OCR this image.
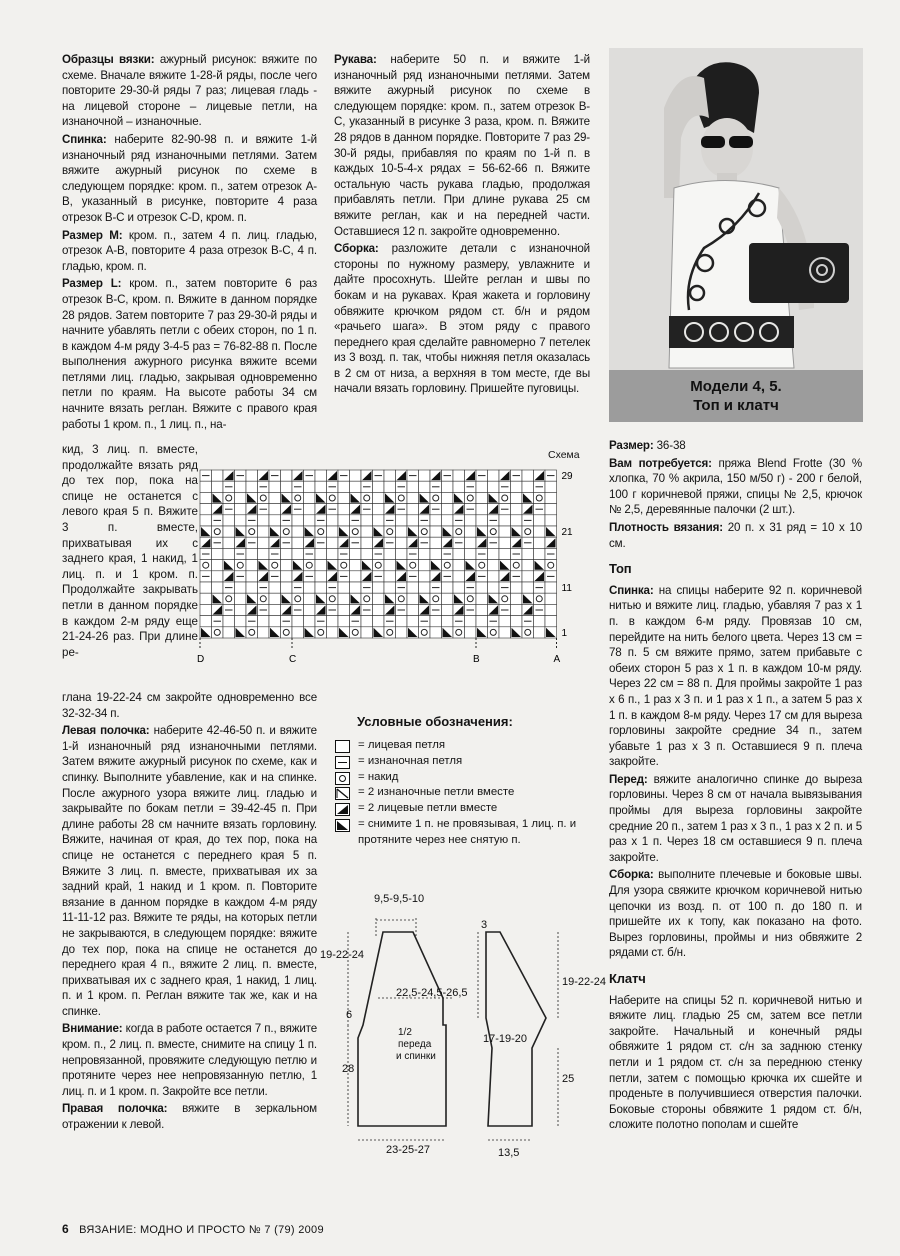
Образцы вязки: ажурный рисунок: вяжите по схеме. Вначале вяжите 1-28-й ряды, после чего повторите 29-30-й ряды 7 раз; лицевая гладь - на лицевой стороне – лицевые петли, на изнаночной – изнаночные.

Спинка: наберите 82-90-98 п. и вяжите 1-й изнаночный ряд изнаночными петлями. Затем вяжите ажурный рисунок по схеме в следующем порядке: кром. п., затем отрезок A-B, указанный в рисунке, повторите 4 раза отрезок B-C и отрезок C-D, кром. п.

Размер M: кром. п., затем 4 п. лиц. гладью, отрезок A-B, повторите 4 раза отрезок B-C, 4 п. гладью, кром. п.

Размер L: кром. п., затем повторите 6 раз отрезок B-C, кром. п. Вяжите в данном порядке 28 рядов. Затем повторите 7 раз 29-30-й ряды и начните убавлять петли с обеих сторон, по 1 п. в каждом 4-м ряду 3-4-5 раз = 76-82-88 п. После выполнения ажурного рисунка вяжите всеми петлями лиц. гладью, закрывая одновременно петли по краям. На высоте работы 34 см начните вязать реглан. Вяжите с правого края работы 1 кром. п., 1 лиц. п., на-

кид, 3 лиц. п. вместе, продолжайте вязать ряд до тех пор, пока на спице не останется с левого края 5 п. Вяжите 3 п. вместе, прихватывая их с заднего края, 1 накид, 1 лиц. п. и 1 кром. п. Продолжайте закрывать петли в данном порядке в каждом 2-м ряду еще 21-24-26 раз. При длине ре-

глана 19-22-24 см закройте одновременно все 32-32-34 п.

Левая полочка: наберите 42-46-50 п. и вяжите 1-й изнаночный ряд изнаночными петлями. Затем вяжите ажурный рисунок по схеме, как и спинку. Выполните убавление, как и на спинке. После ажурного узора вяжите лиц. гладью и закрывайте по бокам петли = 39-42-45 п. При длине работы 28 см начните вязать горловину. Вяжите, начиная от края, до тех пор, пока на спице не останется с переднего края 5 п. Вяжите 3 лиц. п. вместе, прихватывая их за задний край, 1 накид и 1 кром. п. Повторите вязание в данном порядке в каждом 4-м ряду 11-11-12 раз. Вяжите те ряды, на которых петли не закрываются, в следующем порядке: вяжите до тех пор, пока на спице не останется до переднего края 4 п., вяжите 2 лиц. п. вместе, прихватывая их с заднего края, 1 накид, 1 лиц. п. и 1 кром. п. Реглан вяжите так же, как и на спинке.

Внимание: когда в работе остается 7 п., вяжите кром. п., 2 лиц. п. вместе, снимите на спицу 1 п. непровязанной, провяжите следующую петлю и протяните через нее непровязанную петлю, 1 лиц. п. и 1 кром. п. Закройте все петли.

Правая полочка: вяжите в зеркальном отражении к левой.

Рукава: наберите 50 п. и вяжите 1-й изнаночный ряд изнаночными петлями. Затем вяжите ажурный рисунок по схеме в следующем порядке: кром. п., затем отрезок B-C, указанный в рисунке 3 раза, кром. п. Вяжите 28 рядов в данном порядке. Повторите 7 раз 29-30-й ряды, прибавляя по краям по 1-й п. в каждых 10-5-4-х рядах = 56-62-66 п. Вяжите остальную часть рукава гладью, продолжая прибавлять петли. При длине рукава 25 см вяжите реглан, как и на передней части. Оставшиеся 12 п. закройте одновременно.

Сборка: разложите детали с изнаночной стороны по нужному размеру, увлажните и дайте просохнуть. Шейте реглан и швы по бокам и на рукавах. Края жакета и горловину обвяжите крючком рядом ст. б/н и рядом «рачьего шага». В этом ряду с правого переднего края сделайте равномерно 7 петелек из 3 возд. п. так, чтобы нижняя петля оказалась в 2 см от низа, а верхняя в том месте, где вы начали вязать горловину. Пришейте пуговицы.	Модели 4, 5.
Топ и клатч

Размер: 36-38

Вам потребуется: пряжа Blend Frotte (30 % хлопка, 70 % акрила, 150 м/50 г) - 200 г белой, 100 г коричневой пряжи, спицы № 2,5, крючок № 2,5, деревянные палочки (2 шт.).

Плотность вязания: 20 п. х 31 ряд = 10 х 10 см.

Топ

Спинка: на спицы наберите 92 п. коричневой нитью и вяжите лиц. гладью, убавляя 7 раз х 1 п. в каждом 6-м ряду. Провязав 10 см, перейдите на нить белого цвета. Через 13 см = 78 п. 5 см вяжите прямо, затем прибавьте с обеих сторон 5 раз х 1 п. в каждом 10-м ряду. Через 22 см = 88 п. Для проймы закройте 1 раз х 6 п., 1 раз х 3 п. и 1 раз х 1 п., а затем 5 раз х 1 п. в каждом 8-м ряду. Через 17 см для выреза горловины закройте средние 34 п., затем убавьте 1 раз х 3 п. Оставшиеся 9 п. плеча закройте.

Перед: вяжите аналогично спинке до выреза горловины. Через 8 см от начала вывязывания проймы для выреза горловины закройте средние 20 п., затем 1 раз х 3 п., 1 раз х 2 п. и 5 раз х 1 п. Через 18 см оставшиеся 9 п. плеча закройте.

Сборка: выполните плечевые и боковые швы. Для узора свяжите крючком коричневой нитью цепочки из возд. п. от 100 п. до 180 п. и пришейте их к топу, как показано на фото. Вырез горловины, проймы и низ обвяжите 2 рядами ст. б/н.

Клатч

Наберите на спицы 52 п. коричневой нитью и вяжите лиц. гладью 25 см, затем все петли закройте. Начальный и конечный ряды обвяжите 1 рядом ст. с/н за заднюю стенку петли и 1 рядом ст. с/н за переднюю стенку петли, затем с помощью крючка их сшейте и проденьте в получившиеся отверстия палочки. Боковые стороны обвяжите 1 рядом ст. б/н, сложите полотно пополам и сшейте

Схема
29
21
11
1
D	C	B	A
Условные обозначения:
= лицевая петля
= изнаночная петля
= накид
= 2 изнаночные петли вместе
= 2 лицевые петли вместе
= снимите 1 п. не провязывая, 1 лиц. п. и протяните через нее снятую п.
9,5-9,5-10
19-22-24
6
22,5-24,5-26,5
1/2
переда
и спинки
28
23-25-27
3
19-22-24
17-19-20
25
13,5
6 ВЯЗАНИЕ: МОДНО И ПРОСТО № 7 (79) 2009
